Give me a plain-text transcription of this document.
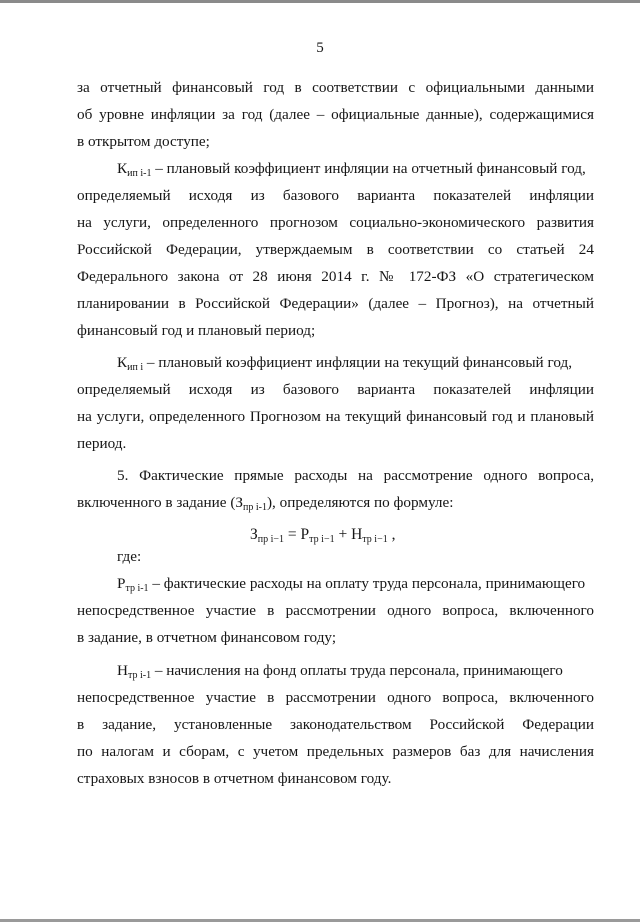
5
за отчетный финансовый год в соответствии с официальными данными
об уровне инфляции за год (далее – официальные данные), содержащимися
в открытом доступе;
Кип i-1 – плановый коэффициент инфляции на отчетный финансовый год,
определяемый исходя из базового варианта показателей инфляции
на услуги, определенного прогнозом социально-экономического развития
Российской Федерации, утверждаемым в соответствии со статьей 24
Федерального закона от 28 июня 2014 г. № 172-ФЗ «О стратегическом
планировании в Российской Федерации» (далее – Прогноз), на отчетный
финансовый год и плановый период;
Кип i – плановый коэффициент инфляции на текущий финансовый год,
определяемый исходя из базового варианта показателей инфляции
на услуги, определенного Прогнозом на текущий финансовый год и плановый
период.
5. Фактические прямые расходы на рассмотрение одного вопроса,
включенного в задание (Зпр i-1), определяются по формуле:
Зпр i−1 = Ртр i−1 + Нтр i−1 ,
где:
Ртр i-1 – фактические расходы на оплату труда персонала, принимающего
непосредственное участие в рассмотрении одного вопроса, включенного
в задание, в отчетном финансовом году;
Нтр i-1 – начисления на фонд оплаты труда персонала, принимающего
непосредственное участие в рассмотрении одного вопроса, включенного
в задание, установленные законодательством Российской Федерации
по налогам и сборам, с учетом предельных размеров баз для начисления
страховых взносов в отчетном финансовом году.
